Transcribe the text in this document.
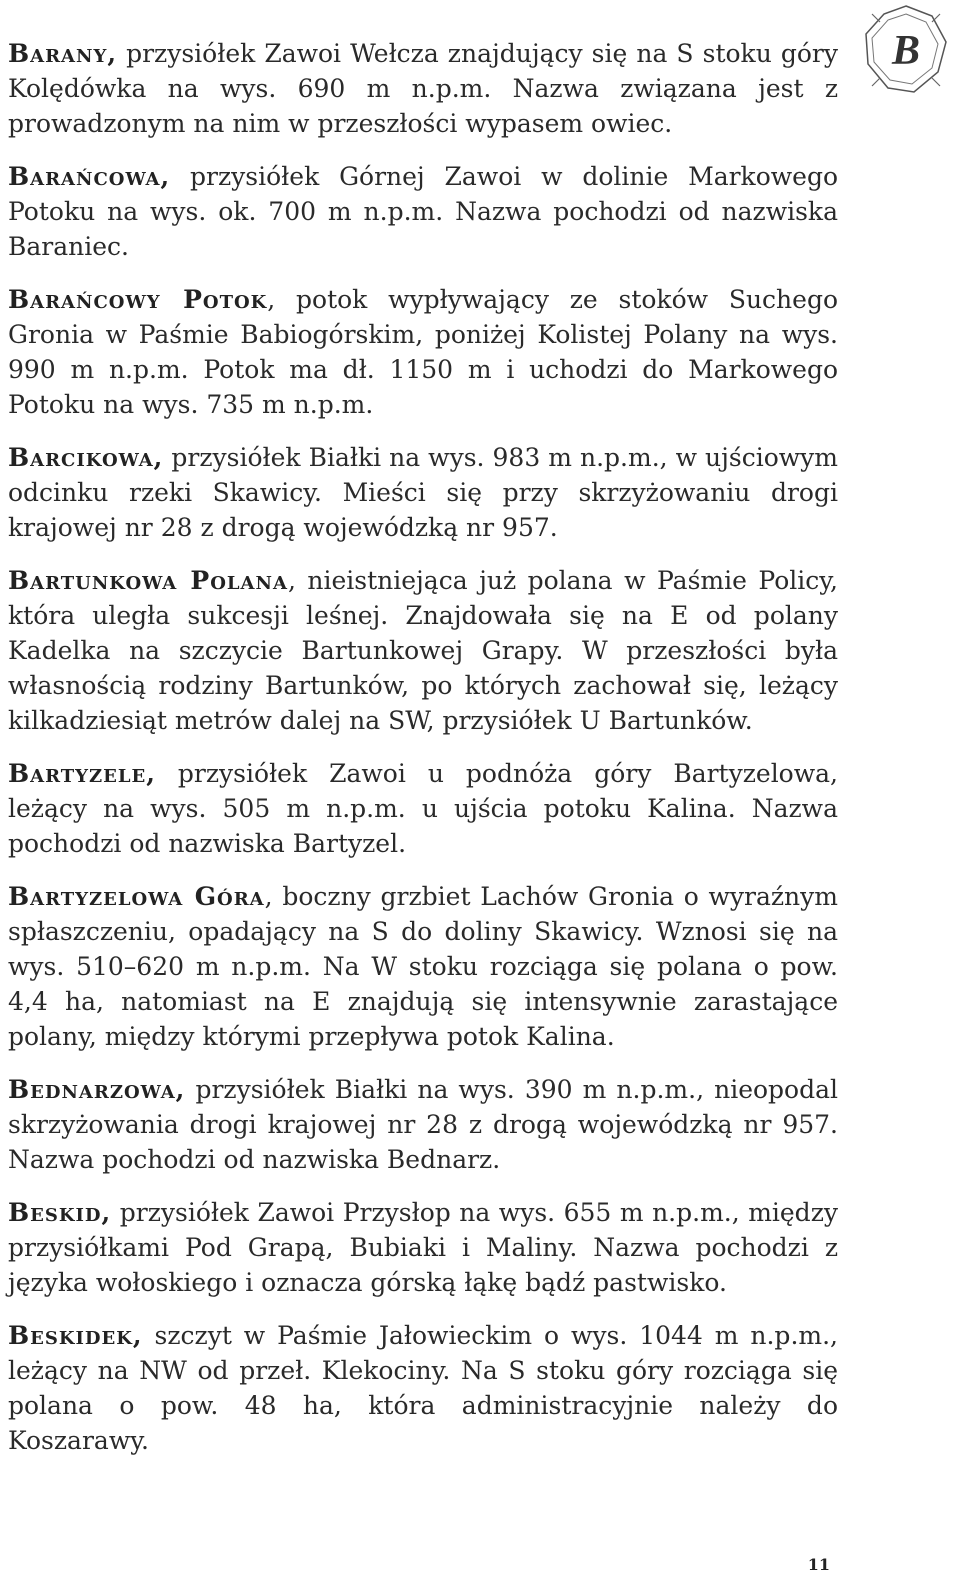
B

Barany, przysiółek Zawoi Wełcza znajdujący się na S stoku góry Kolędówka na wys. 690 m n.p.m. Nazwa związana jest z prowadzonym na nim w przeszłości wypasem owiec.

Barańcowa, przysiółek Górnej Zawoi w dolinie Markowego Potoku na wys. ok. 700 m n.p.m. Nazwa pochodzi od nazwiska Baraniec.

Barańcowy Potok, potok wypływający ze stoków Suchego Gronia w Paśmie Babiogórskim, poniżej Kolistej Polany na wys. 990 m n.p.m. Potok ma dł. 1150 m i uchodzi do Markowego Potoku na wys. 735 m n.p.m.

Barcikowa, przysiółek Białki na wys. 983 m n.p.m., w ujściowym odcinku rzeki Skawicy. Mieści się przy skrzyżowaniu drogi krajowej nr 28 z drogą wojewódzką nr 957.

Bartunkowa Polana, nieistniejąca już polana w Paśmie Policy, która uległa sukcesji leśnej. Znajdowała się na E od polany Kadelka na szczycie Bartunkowej Grapy. W przeszłości była własnością rodziny Bartunków, po których zachował się, leżący kilkadziesiąt metrów dalej na SW, przysiółek U Bartunków.

Bartyzele, przysiółek Zawoi u podnóża góry Bartyzelowa, leżący na wys. 505 m n.p.m. u ujścia potoku Kalina. Nazwa pochodzi od nazwiska Bartyzel.

Bartyzelowa Góra, boczny grzbiet Lachów Gronia o wyraźnym spłaszczeniu, opadający na S do doliny Skawicy. Wznosi się na wys. 510–620 m n.p.m. Na W stoku rozciąga się polana o pow. 4,4 ha, natomiast na E znajdują się intensywnie zarastające polany, między którymi przepływa potok Kalina.

Bednarzowa, przysiółek Białki na wys. 390 m n.p.m., nieopodal skrzyżowania drogi krajowej nr 28 z drogą wojewódzką nr 957. Nazwa pochodzi od nazwiska Bednarz.

Beskid, przysiółek Zawoi Przysłop na wys. 655 m n.p.m., między przysiółkami Pod Grapą, Bubiaki i Maliny. Nazwa pochodzi z języka wołoskiego i oznacza górską łąkę bądź pastwisko.

Beskidek, szczyt w Paśmie Jałowieckim o wys. 1044 m n.p.m., leżący na NW od przeł. Klekociny. Na S stoku góry rozciąga się polana o pow. 48 ha, która administracyjnie należy do Koszarawy.

11
